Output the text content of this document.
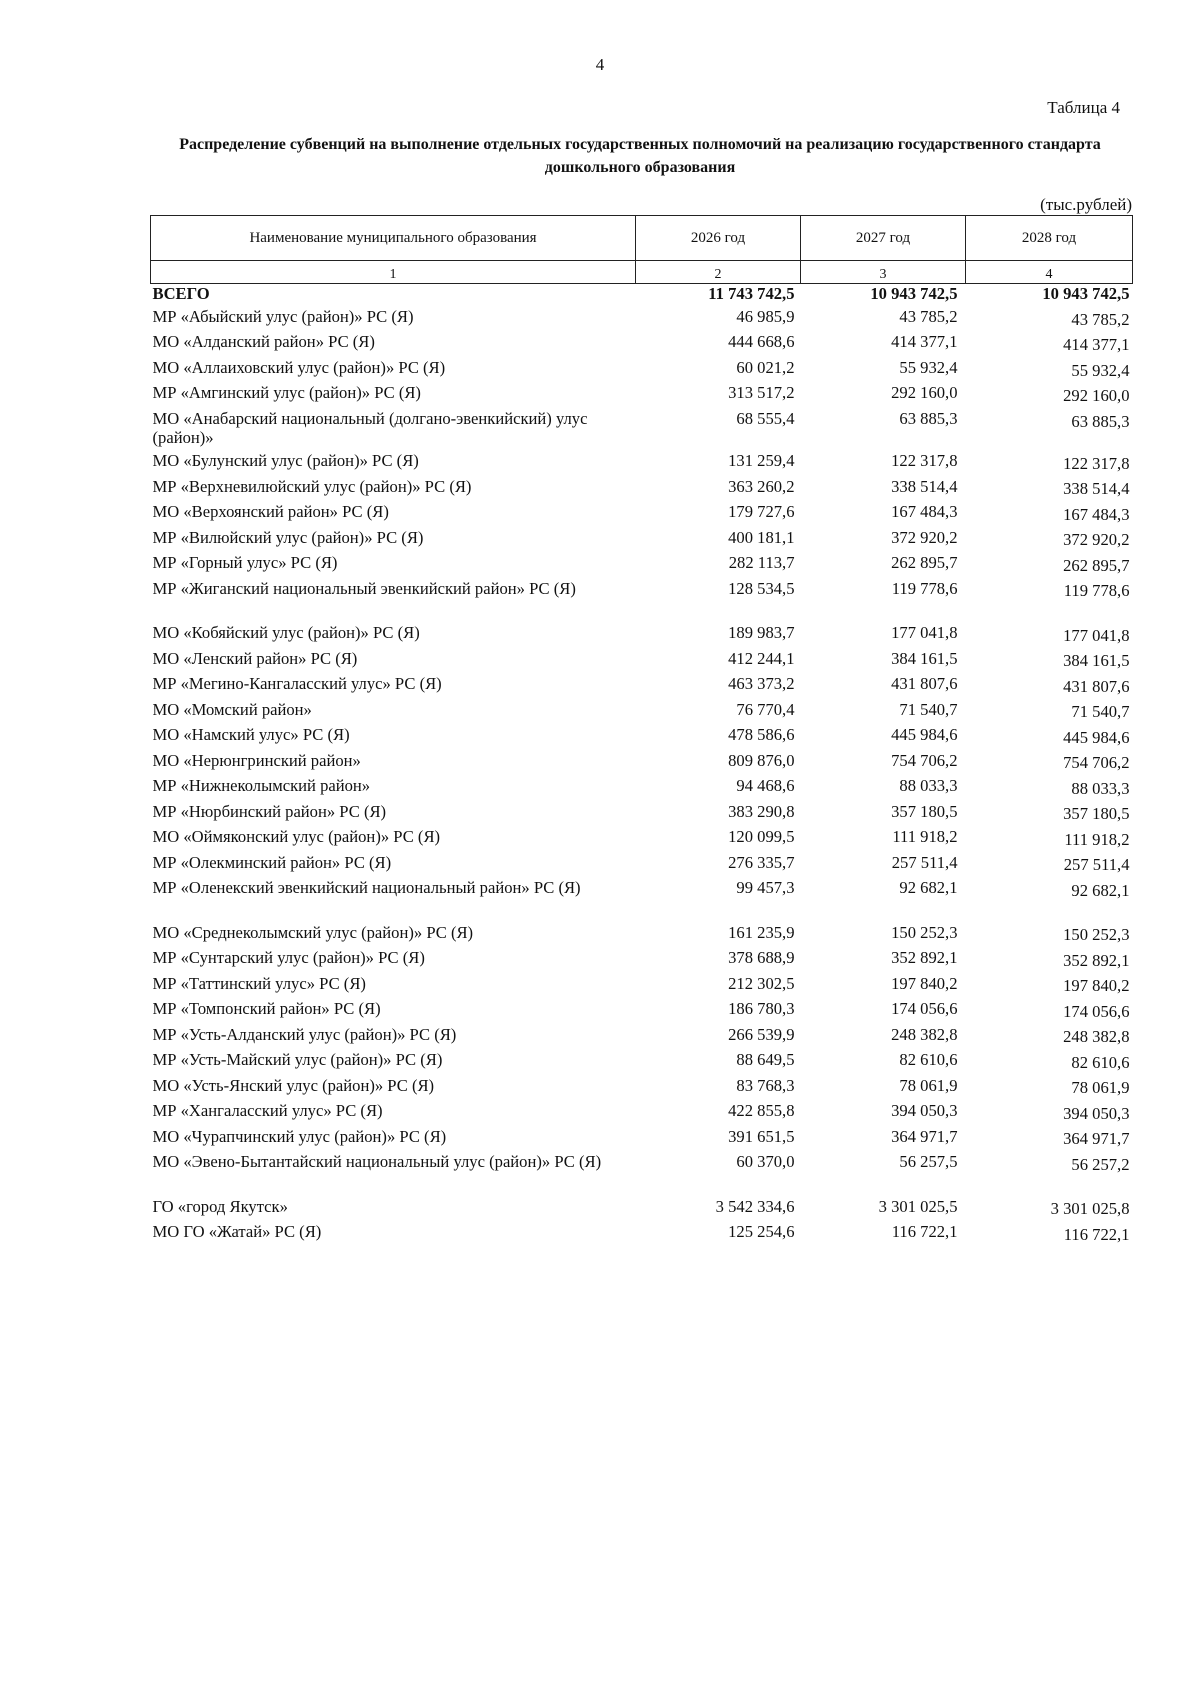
4
Таблица 4
Распределение субвенций на выполнение отдельных государственных полномочий на реализацию государственного стандарта дошкольного образования
(тыс.рублей)
Наименование муниципального образования	2026 год	2027 год	2028 год
1	2	3	4
ВСЕГО	11 743 742,5	10 943 742,5	10 943 742,5
МР «Абыйский улус (район)» РС (Я)	46 985,9	43 785,2	43 785,2
МО «Алданский район» РС (Я)	444 668,6	414 377,1	414 377,1
МО «Аллаиховский улус (район)» РС (Я)	60 021,2	55 932,4	55 932,4
МР «Амгинский улус (район)» РС (Я)	313 517,2	292 160,0	292 160,0
МО «Анабарский национальный (долгано-эвенкийский) улус (район)»	68 555,4	63 885,3	63 885,3
МО «Булунский улус (район)» РС (Я)	131 259,4	122 317,8	122 317,8
МР «Верхневилюйский улус (район)» РС (Я)	363 260,2	338 514,4	338 514,4
МО «Верхоянский район» РС (Я)	179 727,6	167 484,3	167 484,3
МР «Вилюйский улус (район)» РС (Я)	400 181,1	372 920,2	372 920,2
МР «Горный улус» РС (Я)	282 113,7	262 895,7	262 895,7
МР «Жиганский национальный эвенкийский район» РС (Я)	128 534,5	119 778,6	119 778,6

МО «Кобяйский улус (район)» РС (Я)	189 983,7	177 041,8	177 041,8
МО «Ленский район» РС (Я)	412 244,1	384 161,5	384 161,5
МР «Мегино-Кангаласский улус» РС (Я)	463 373,2	431 807,6	431 807,6
МО «Момский район»	76 770,4	71 540,7	71 540,7
МО «Намский улус» РС (Я)	478 586,6	445 984,6	445 984,6
МО «Нерюнгринский район»	809 876,0	754 706,2	754 706,2
МР «Нижнеколымский район»	94 468,6	88 033,3	88 033,3
МР «Нюрбинский район» РС (Я)	383 290,8	357 180,5	357 180,5
МО «Оймяконский улус (район)» РС (Я)	120 099,5	111 918,2	111 918,2
МР «Олекминский район» РС (Я)	276 335,7	257 511,4	257 511,4
МР «Оленекский эвенкийский национальный район» РС (Я)	99 457,3	92 682,1	92 682,1

МО «Среднеколымский улус (район)» РС (Я)	161 235,9	150 252,3	150 252,3
МР «Сунтарский улус (район)» РС (Я)	378 688,9	352 892,1	352 892,1
МР «Таттинский улус» РС (Я)	212 302,5	197 840,2	197 840,2
МР «Томпонский район» РС (Я)	186 780,3	174 056,6	174 056,6
МР «Усть-Алданский улус (район)» РС (Я)	266 539,9	248 382,8	248 382,8
МР «Усть-Майский улус (район)» РС (Я)	88 649,5	82 610,6	82 610,6
МО «Усть-Янский улус (район)» РС (Я)	83 768,3	78 061,9	78 061,9
МР «Хангаласский улус» РС (Я)	422 855,8	394 050,3	394 050,3
МО «Чурапчинский улус (район)» РС (Я)	391 651,5	364 971,7	364 971,7
МО «Эвено-Бытантайский национальный улус (район)» РС (Я)	60 370,0	56 257,5	56 257,2

ГО «город Якутск»	3 542 334,6	3 301 025,5	3 301 025,8
МО ГО «Жатай» РС (Я)	125 254,6	116 722,1	116 722,1
